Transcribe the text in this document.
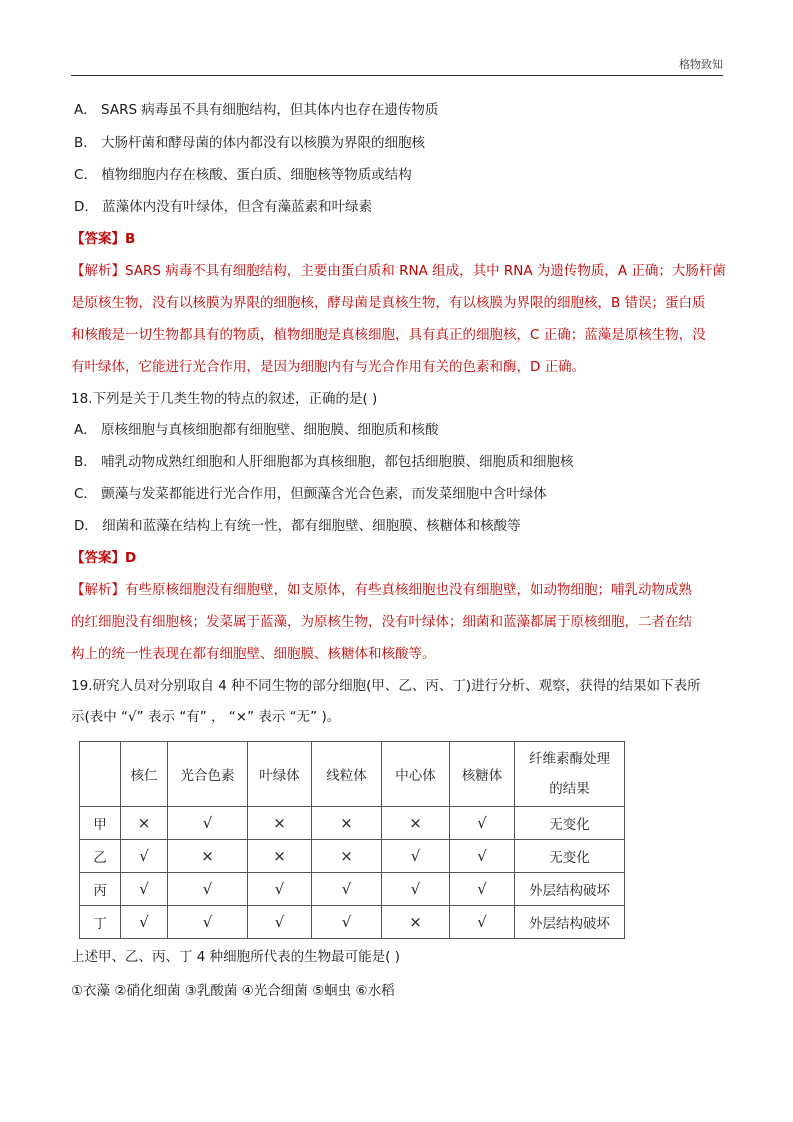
格物致知
A． SARS 病毒虽不具有细胞结构，但其体内也存在遗传物质
B． 大肠杆菌和酵母菌的体内都没有以核膜为界限的细胞核
C． 植物细胞内存在核酸、蛋白质、细胞核等物质或结构
D． 蓝藻体内没有叶绿体，但含有藻蓝素和叶绿素
【答案】B
【解析】SARS 病毒不具有细胞结构，主要由蛋白质和 RNA 组成，其中 RNA 为遗传物质，A 正确；大肠杆菌
是原核生物，没有以核膜为界限的细胞核，酵母菌是真核生物，有以核膜为界限的细胞核，B 错误；蛋白质
和核酸是一切生物都具有的物质，植物细胞是真核细胞，具有真正的细胞核，C 正确；蓝藻是原核生物，没
有叶绿体，它能进行光合作用，是因为细胞内有与光合作用有关的色素和酶，D 正确。
18.下列是关于几类生物的特点的叙述，正确的是( )
A． 原核细胞与真核细胞都有细胞壁、细胞膜、细胞质和核酸
B． 哺乳动物成熟红细胞和人肝细胞都为真核细胞，都包括细胞膜、细胞质和细胞核
C． 颤藻与发菜都能进行光合作用，但颤藻含光合色素，而发菜细胞中含叶绿体
D． 细菌和蓝藻在结构上有统一性，都有细胞壁、细胞膜、核糖体和核酸等
【答案】D
【解析】有些原核细胞没有细胞壁，如支原体，有些真核细胞也没有细胞壁，如动物细胞；哺乳动物成熟
的红细胞没有细胞核；发菜属于蓝藻，为原核生物，没有叶绿体；细菌和蓝藻都属于原核细胞，二者在结
构上的统一性表现在都有细胞壁、细胞膜、核糖体和核酸等。
19.研究人员对分别取自 4 种不同生物的部分细胞(甲、乙、丙、丁)进行分析、观察，获得的结果如下表所
示(表中 “√” 表示 “有” ， “×” 表示 “无” )。
	核仁	光合色素	叶绿体	线粒体	中心体	核糖体	纤维素酶处理
的结果

甲	×	√	×	×	×	√	无变化
乙	√	×	×	×	√	√	无变化
丙	√	√	√	√	√	√	外层结构破坏
丁	√	√	√	√	×	√	外层结构破坏
上述甲、乙、丙、丁 4 种细胞所代表的生物最可能是( )
①衣藻 ②硝化细菌 ③乳酸菌 ④光合细菌 ⑤蛔虫 ⑥水稻
